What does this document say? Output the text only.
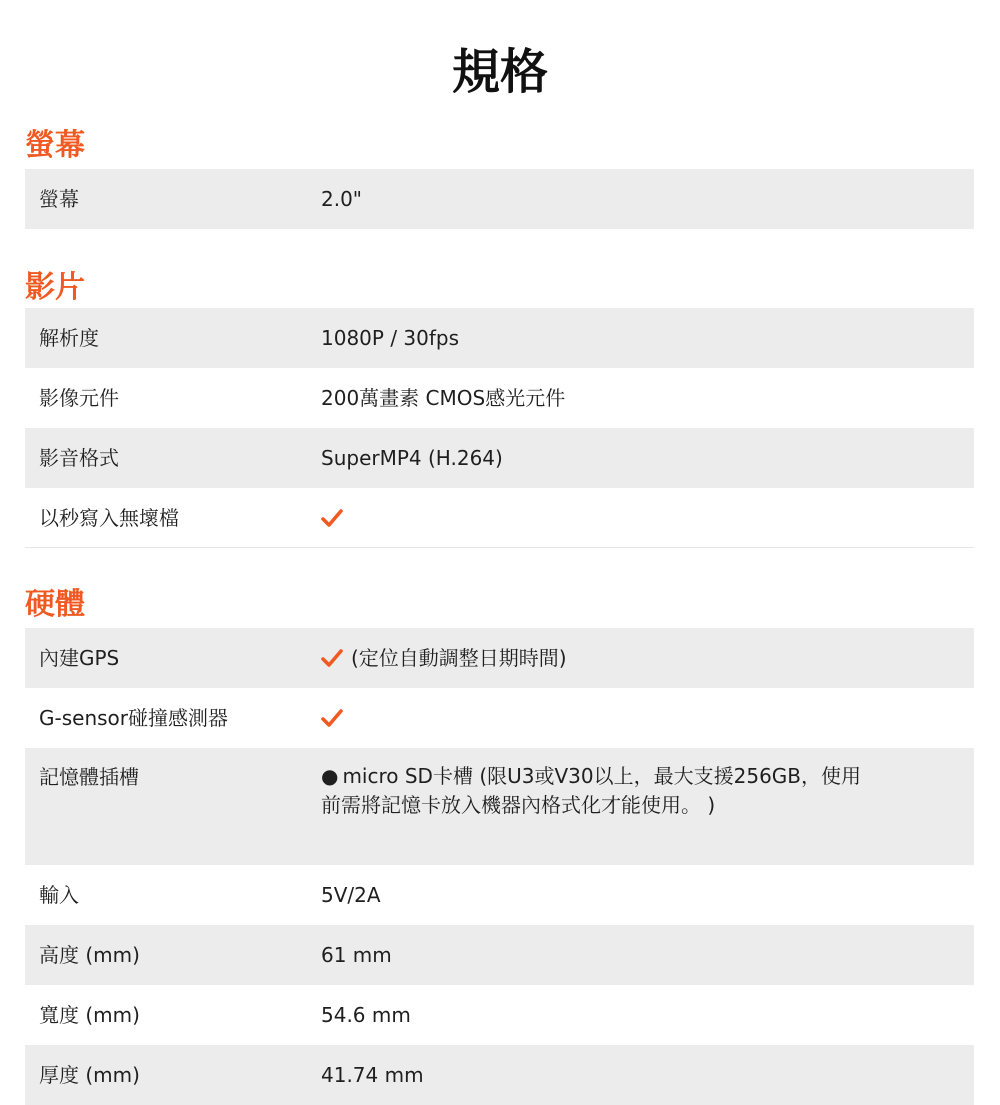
規格
螢幕
螢幕	2.0"
影片
解析度	1080P / 30fps
影像元件	200萬畫素 CMOS感光元件
影音格式	SuperMP4 (H.264)
以秒寫入無壞檔
硬體
內建GPS	(定位自動調整日期時間)
G-sensor碰撞感測器
記憶體插槽	● micro SD卡槽 (限U3或V30以上，最大支援256GB，使用前需將記憶卡放入機器內格式化才能使用。 )
輸入	5V/2A
高度 (mm)	61 mm
寬度 (mm)	54.6 mm
厚度 (mm)	41.74 mm
